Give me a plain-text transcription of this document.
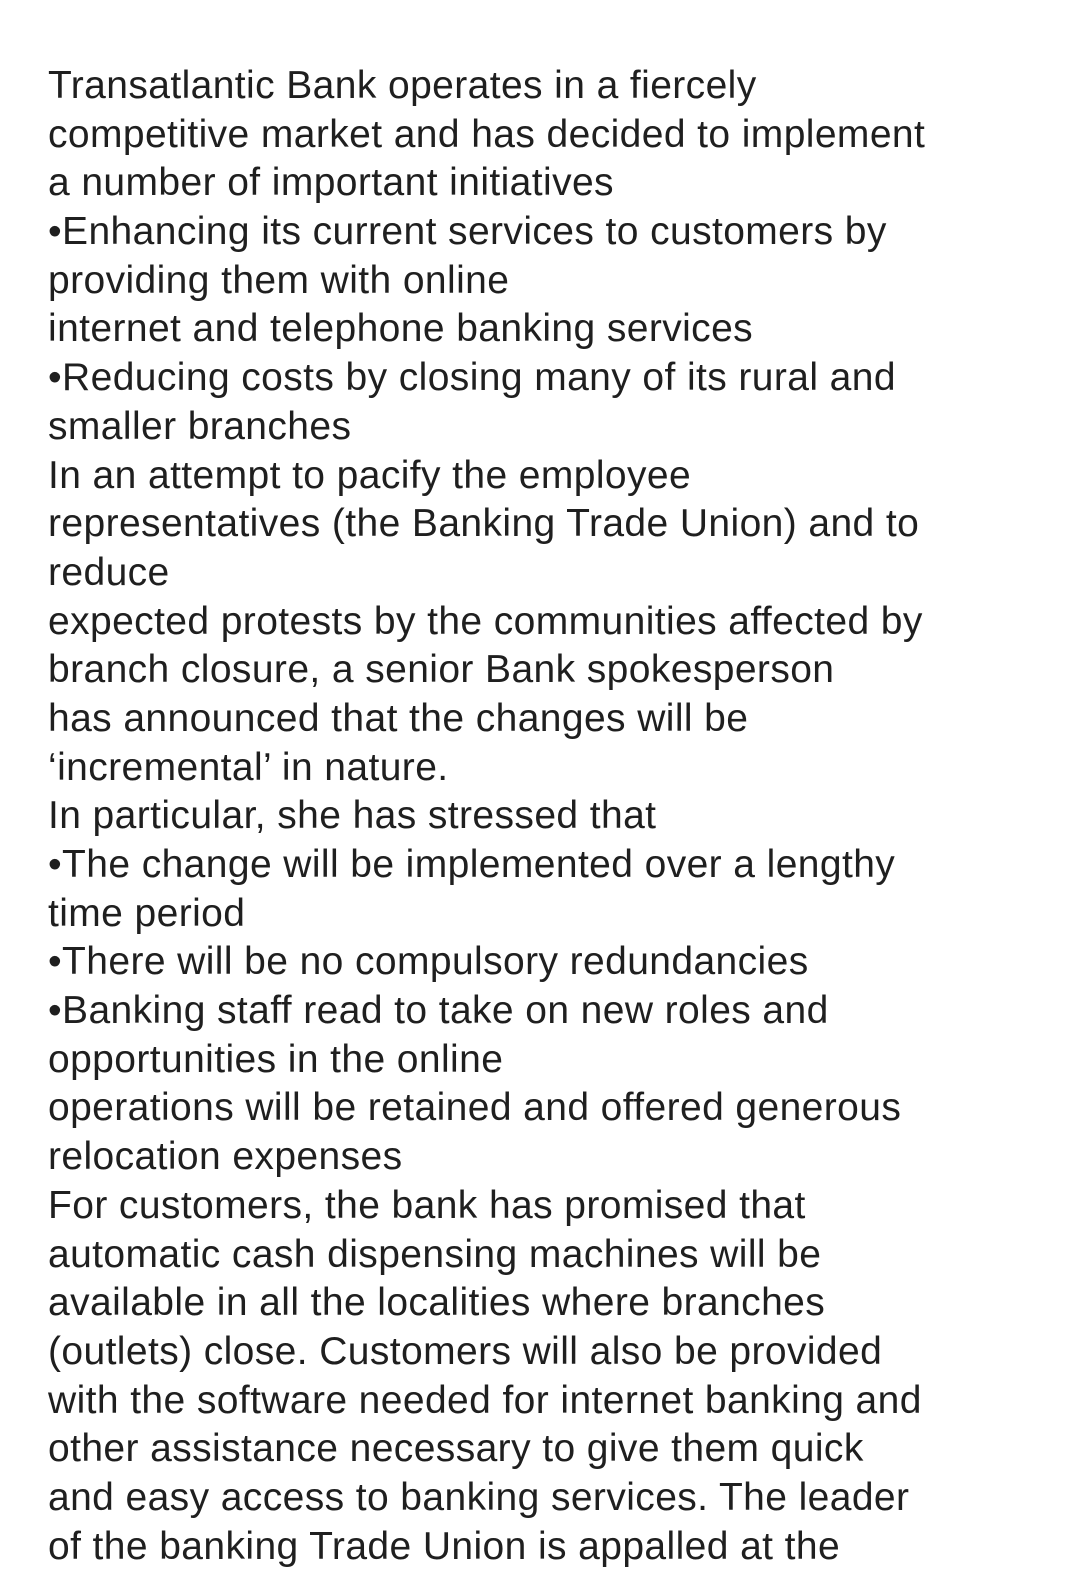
Transatlantic Bank operates in a fiercely
competitive market and has decided to implement
a number of important initiatives
•Enhancing its current services to customers by
providing them with online
internet and telephone banking services
•Reducing costs by closing many of its rural and
smaller branches
In an attempt to pacify the employee
representatives (the Banking Trade Union) and to
reduce
expected protests by the communities affected by
branch closure, a senior Bank spokesperson
has announced that the changes will be
‘incremental’ in nature.
In particular, she has stressed that
•The change will be implemented over a lengthy
time period
•There will be no compulsory redundancies
•Banking staff read to take on new roles and
opportunities in the online
operations will be retained and offered generous
relocation expenses
For customers, the bank has promised that
automatic cash dispensing machines will be
available in all the localities where branches
(outlets) close. Customers will also be provided
with the software needed for internet banking and
other assistance necessary to give them quick
and easy access to banking services. The leader
of the banking Trade Union is appalled at the
